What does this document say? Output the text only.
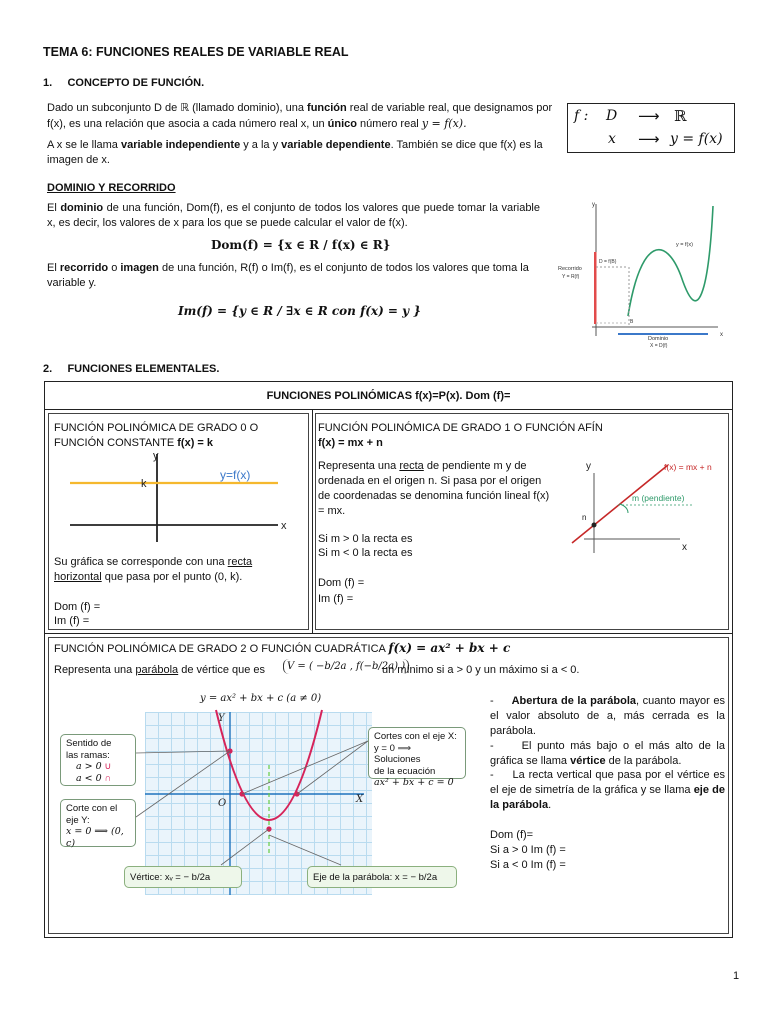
TEMA 6: FUNCIONES REALES DE VARIABLE REAL
1.     CONCEPTO DE FUNCIÓN.
Dado un subconjunto D de ℝ (llamado dominio), una función real de variable real, que designamos por f(x), es una relación que asocia a cada número real x, un único número real y = f(x).
A x se le llama variable independiente y a la y variable dependiente. También se dice que f(x) es la imagen de x.
f : D ⟶ ℝ
x ⟶ y = f(x)
DOMINIO Y RECORRIDO
El dominio de una función, Dom(f), es el conjunto de todos los valores que puede tomar la variable x, es decir, los valores de x para los que se puede calcular el valor de f(x).
Dom(f) = {x ∈ R / f(x) ∈ R}
El recorrido o imagen de una función, R(f) o Im(f), es el conjunto de todos los valores que toma la variable y.
Im(f) = {y ∈ R / ∃x ∈ R con f(x) = y }
y
x
y = f(x)
D = f(B)
Recorrido
Y = R(f)
B
Dominio
X = D(f)
2.     FUNCIONES ELEMENTALES.
FUNCIONES POLINÓMICAS f(x)=P(x). Dom (f)=
FUNCIÓN POLINÓMICA DE GRADO 0 O
FUNCIÓN CONSTANTE f(x) = k
y
x
k
y=f(x)
Su gráfica se corresponde con una recta horizontal que pasa por el punto (0, k).
Dom (f) =
Im (f) =
FUNCIÓN POLINÓMICA DE GRADO 1 O FUNCIÓN AFÍN
f(x) = mx + n
Representa una recta de pendiente m y de ordenada en el origen n. Si pasa por el origen de coordenadas se denomina función lineal f(x) = mx.
Si m > 0 la recta es
Si m < 0 la recta es
Dom (f) =
Im (f) =
y
x
n
f(x) = mx + n
m (pendiente)
FUNCIÓN POLINÓMICA DE GRADO 2 O FUNCIÓN CUADRÁTICA f(x) = ax² + bx + c
Representa una parábola de vértice que es	V = ( −b/2a , f(−b/2a) )
un mínimo si a > 0 y un máximo si a < 0.
y = ax² + bx + c (a ≠ 0)
X
Y
O
Sentido de
las ramas:
a > 0 ∪
a < 0 ∩
Corte con el
eje Y:
x = 0 ⟹ (0, c)
Cortes con el eje X:
y = 0 ⟹ Soluciones
de la ecuación
ax² + bx + c = 0
Vértice: xᵥ = − b/2a	Eje de la parábola: x = − b/2a
-     Abertura de la parábola, cuanto mayor es el valor absoluto de a, más cerrada es la parábola.
-     El punto más bajo o el más alto de la gráfica se llama vértice de la parábola.
-     La recta vertical que pasa por el vértice es el eje de simetría de la gráfica y se llama eje de la parábola.
Dom (f)=
Si a > 0 Im (f) =
Si a < 0 Im (f) =
1
